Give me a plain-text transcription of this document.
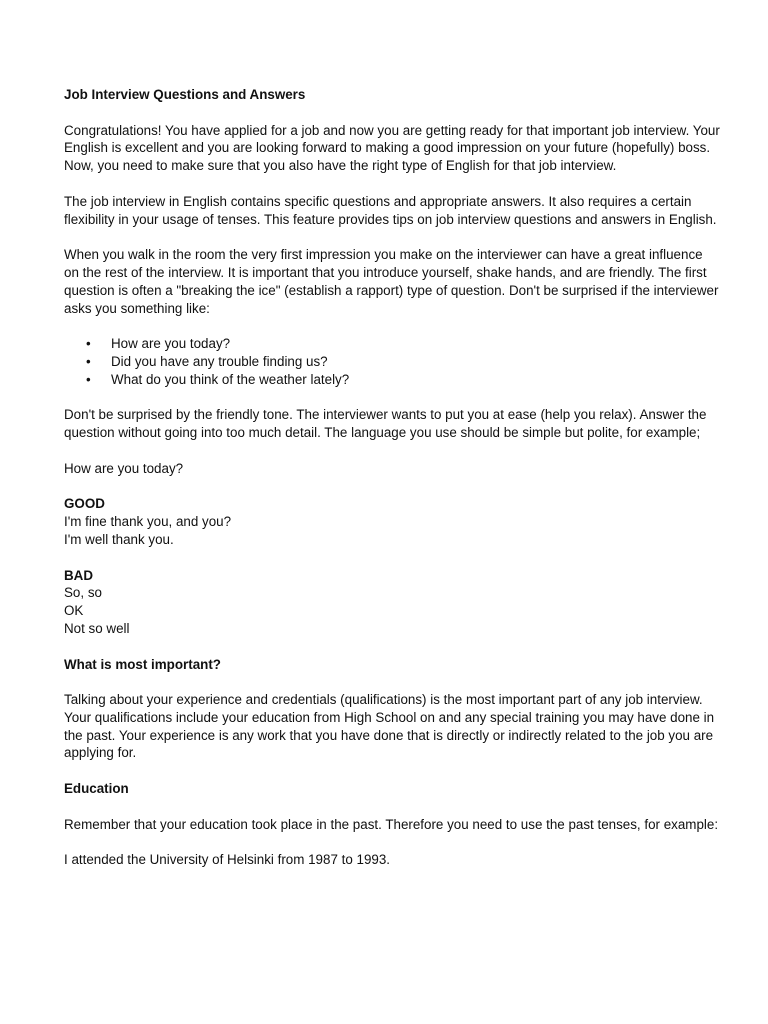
Job Interview Questions and Answers

Congratulations! You have applied for a job and now you are getting ready for that important job interview. Your English is excellent and you are looking forward to making a good impression on your future (hopefully) boss. Now, you need to make sure that you also have the right type of English for that job interview.

The job interview in English contains specific questions and appropriate answers. It also requires a certain flexibility in your usage of tenses. This feature provides tips on job interview questions and answers in English.

When you walk in the room the very first impression you make on the interviewer can have a great influence on the rest of the interview. It is important that you introduce yourself, shake hands, and are friendly. The first question is often a "breaking the ice" (establish a rapport) type of question. Don't be surprised if the interviewer asks you something like:

• How are you today?
• Did you have any trouble finding us?
• What do you think of the weather lately?

Don't be surprised by the friendly tone. The interviewer wants to put you at ease (help you relax). Answer the question without going into too much detail. The language you use should be simple but polite, for example;

How are you today?

GOOD
I'm fine thank you, and you?
I'm well thank you.
BAD
So, so
OK
Not so well
What is most important?

Talking about your experience and credentials (qualifications) is the most important part of any job interview. Your qualifications include your education from High School on and any special training you may have done in the past. Your experience is any work that you have done that is directly or indirectly related to the job you are applying for.

Education

Remember that your education took place in the past. Therefore you need to use the past tenses, for example:

I attended the University of Helsinki from 1987 to 1993.
